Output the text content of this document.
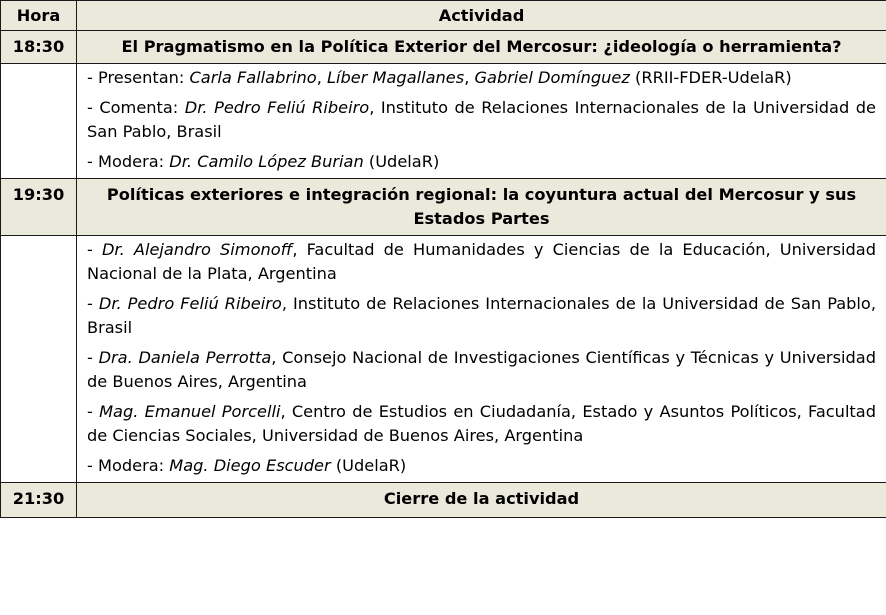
Hora	Actividad
18:30	El Pragmatismo en la Política Exterior del Mercosur: ¿ideología o herramienta?

	- Presentan: Carla Fallabrino, Líber Magallanes, Gabriel Domínguez (RRII-FDER-UdelaR)

- Comenta: Dr. Pedro Feliú Ribeiro, Instituto de Relaciones Internacionales de la Universidad de San Pablo, Brasil

- Modera: Dr. Camilo López Burian (UdelaR)

19:30	Políticas exteriores e integración regional: la coyuntura actual del Mercosur y sus Estados Partes

	- Dr. Alejandro Simonoff, Facultad de Humanidades y Ciencias de la Educación, Universidad Nacional de la Plata, Argentina

- Dr. Pedro Feliú Ribeiro, Instituto de Relaciones Internacionales de la Universidad de San Pablo, Brasil

- Dra. Daniela Perrotta, Consejo Nacional de Investigaciones Científicas y Técnicas y Universidad de Buenos Aires, Argentina

- Mag. Emanuel Porcelli, Centro de Estudios en Ciudadanía, Estado y Asuntos Políticos, Facultad de Ciencias Sociales, Universidad de Buenos Aires, Argentina

- Modera: Mag. Diego Escuder (UdelaR)

21:30	Cierre de la actividad
